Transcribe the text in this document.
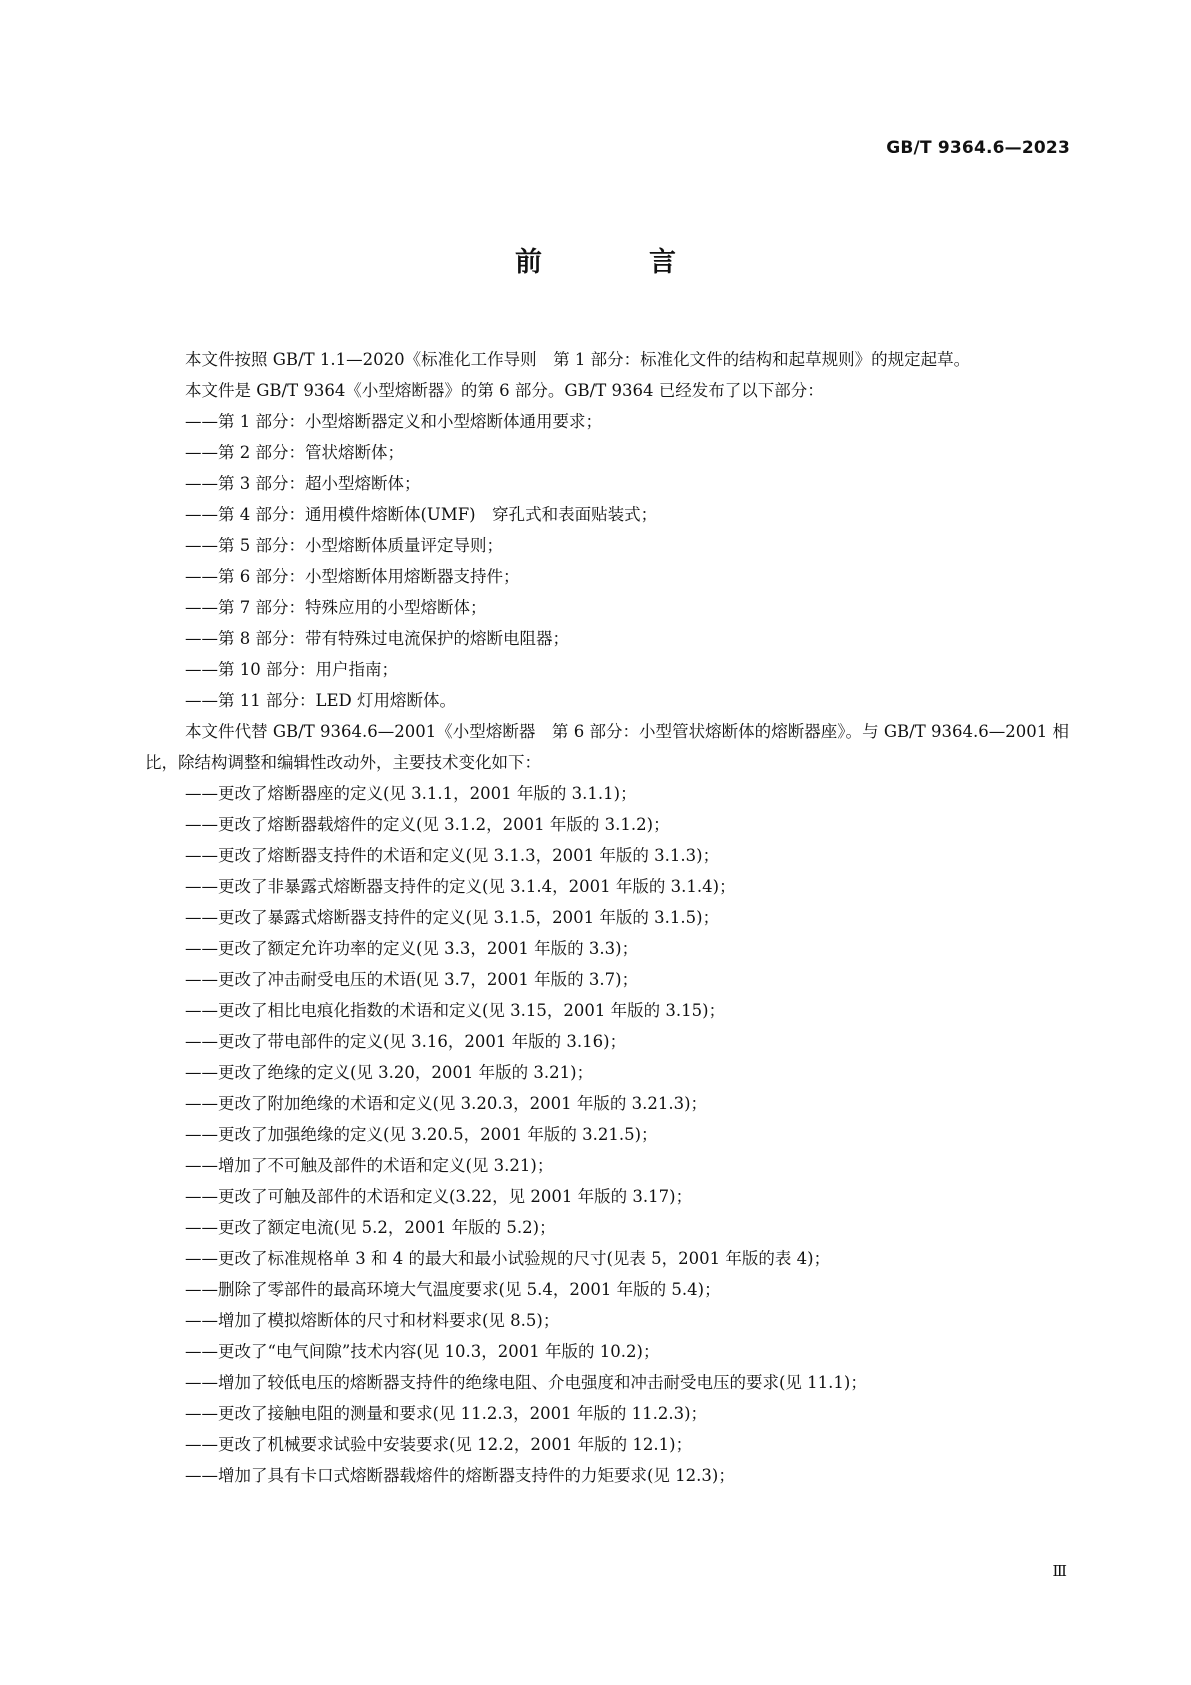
GB/T 9364.6—2023
前　言

本文件按照 GB/T 1.1—2020《标准化工作导则　第 1 部分：标准化文件的结构和起草规则》的规定起草。

本文件是 GB/T 9364《小型熔断器》的第 6 部分。GB/T 9364 已经发布了以下部分：

——第 1 部分：小型熔断器定义和小型熔断体通用要求；
——第 2 部分：管状熔断体；
——第 3 部分：超小型熔断体；
——第 4 部分：通用模件熔断体(UMF)　穿孔式和表面贴装式；
——第 5 部分：小型熔断体质量评定导则；
——第 6 部分：小型熔断体用熔断器支持件；
——第 7 部分：特殊应用的小型熔断体；
——第 8 部分：带有特殊过电流保护的熔断电阻器；
——第 10 部分：用户指南；
——第 11 部分：LED 灯用熔断体。

本文件代替 GB/T 9364.6—2001《小型熔断器　第 6 部分：小型管状熔断体的熔断器座》。与 GB/T 9364.6—2001 相比，除结构调整和编辑性改动外，主要技术变化如下：

——更改了熔断器座的定义(见 3.1.1，2001 年版的 3.1.1)；
——更改了熔断器载熔件的定义(见 3.1.2，2001 年版的 3.1.2)；
——更改了熔断器支持件的术语和定义(见 3.1.3，2001 年版的 3.1.3)；
——更改了非暴露式熔断器支持件的定义(见 3.1.4，2001 年版的 3.1.4)；
——更改了暴露式熔断器支持件的定义(见 3.1.5，2001 年版的 3.1.5)；
——更改了额定允许功率的定义(见 3.3，2001 年版的 3.3)；
——更改了冲击耐受电压的术语(见 3.7，2001 年版的 3.7)；
——更改了相比电痕化指数的术语和定义(见 3.15，2001 年版的 3.15)；
——更改了带电部件的定义(见 3.16，2001 年版的 3.16)；
——更改了绝缘的定义(见 3.20，2001 年版的 3.21)；
——更改了附加绝缘的术语和定义(见 3.20.3，2001 年版的 3.21.3)；
——更改了加强绝缘的定义(见 3.20.5，2001 年版的 3.21.5)；
——增加了不可触及部件的术语和定义(见 3.21)；
——更改了可触及部件的术语和定义(3.22，见 2001 年版的 3.17)；
——更改了额定电流(见 5.2，2001 年版的 5.2)；
——更改了标准规格单 3 和 4 的最大和最小试验规的尺寸(见表 5，2001 年版的表 4)；
——删除了零部件的最高环境大气温度要求(见 5.4，2001 年版的 5.4)；
——增加了模拟熔断体的尺寸和材料要求(见 8.5)；
——更改了“电气间隙”技术内容(见 10.3，2001 年版的 10.2)；
——增加了较低电压的熔断器支持件的绝缘电阻、介电强度和冲击耐受电压的要求(见 11.1)；
——更改了接触电阻的测量和要求(见 11.2.3，2001 年版的 11.2.3)；
——更改了机械要求试验中安装要求(见 12.2，2001 年版的 12.1)；
——增加了具有卡口式熔断器载熔件的熔断器支持件的力矩要求(见 12.3)；
Ⅲ
